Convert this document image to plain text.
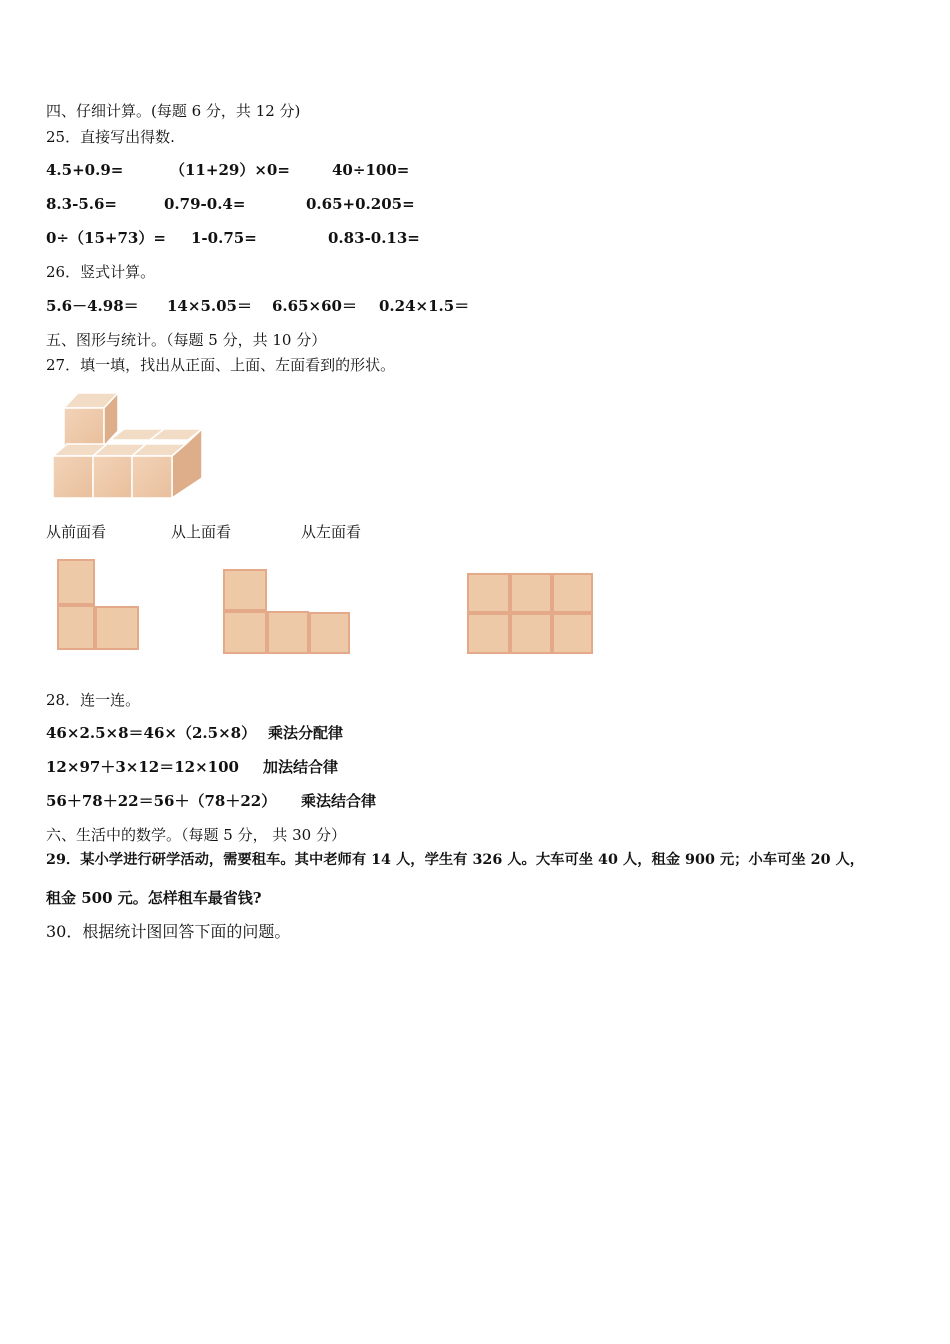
四、仔细计算。(每题 6 分，共 12 分)
25．直接写出得数.
4.5+0.9=	（11+29）×0=	40÷100=
8.3-5.6=	0.79-0.4=	0.65+0.205=
0÷（15+73）= 1-0.75=	0.83-0.13=
26．竖式计算。
5.6－4.98＝ 14×5.05＝ 6.65×60＝ 0.24×1.5＝
五、图形与统计。（每题 5 分，共 10 分）
27．填一填，找出从正面、上面、左面看到的形状。
从前面看	从上面看	从左面看
28．连一连。
46×2.5×8＝46×（2.5×8） 乘法分配律
12×97＋3×12＝12×100 加法结合律
56＋78＋22＝56＋（78＋22） 乘法结合律
六、生活中的数学。（每题 5 分， 共 30 分）
29．某小学进行研学活动，需要租车。其中老师有 14 人，学生有 326 人。大车可坐 40 人，租金 900 元；小车可坐 20 人，
租金 500 元。怎样租车最省钱?
30．根据统计图回答下面的问题。
